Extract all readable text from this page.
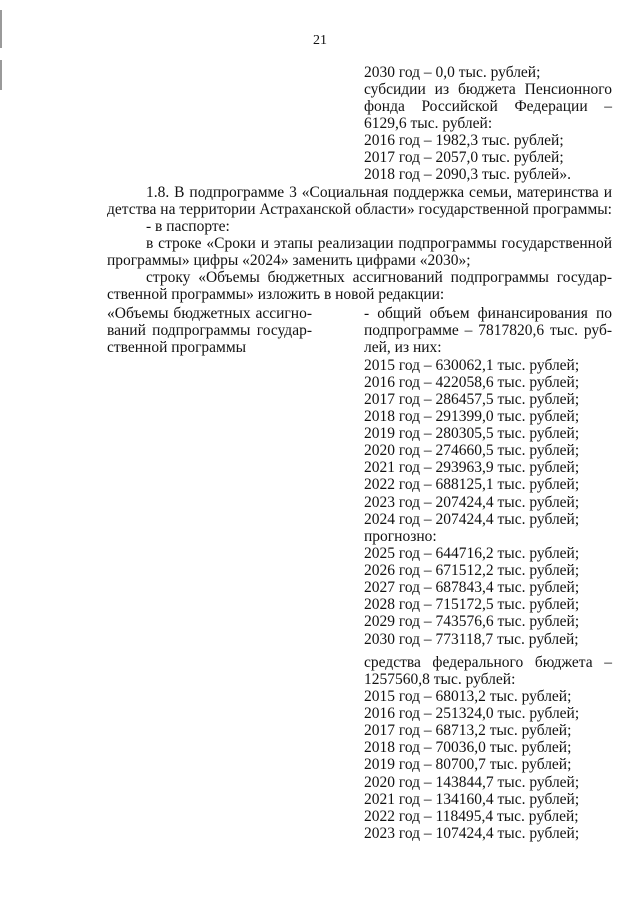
21
2030 год – 0,0 тыс. рублей;
субсидии из бюджета Пенсионного
фонда Российской Федерации –
6129,6 тыс. рублей:
2016 год – 1982,3 тыс. рублей;
2017 год – 2057,0 тыс. рублей;
2018 год – 2090,3 тыс. рублей».
1.8. В подпрограмме 3 «Социальная поддержка семьи, материнства и
детства на территории Астраханской области» государственной программы:
- в паспорте:
в строке «Сроки и этапы реализации подпрограммы государственной
программы» цифры «2024» заменить цифрами «2030»;
строку «Объемы бюджетных ассигнований подпрограммы государ-
ственной программы» изложить в новой редакции:
«Объемы бюджетных ассигно-
ваний подпрограммы государ-
ственной программы
- общий объем финансирования по
подпрограмме – 7817820,6 тыс. руб-
лей, из них:
2015 год – 630062,1 тыс. рублей;
2016 год – 422058,6 тыс. рублей;
2017 год – 286457,5 тыс. рублей;
2018 год – 291399,0 тыс. рублей;
2019 год – 280305,5 тыс. рублей;
2020 год – 274660,5 тыс. рублей;
2021 год – 293963,9 тыс. рублей;
2022 год – 688125,1 тыс. рублей;
2023 год – 207424,4 тыс. рублей;
2024 год – 207424,4 тыс. рублей;
прогнозно:
2025 год – 644716,2 тыс. рублей;
2026 год – 671512,2 тыс. рублей;
2027 год – 687843,4 тыс. рублей;
2028 год – 715172,5 тыс. рублей;
2029 год – 743576,6 тыс. рублей;
2030 год – 773118,7 тыс. рублей;
средства федерального бюджета –
1257560,8 тыс. рублей:
2015 год – 68013,2 тыс. рублей;
2016 год – 251324,0 тыс. рублей;
2017 год – 68713,2 тыс. рублей;
2018 год – 70036,0 тыс. рублей;
2019 год – 80700,7 тыс. рублей;
2020 год – 143844,7 тыс. рублей;
2021 год – 134160,4 тыс. рублей;
2022 год – 118495,4 тыс. рублей;
2023 год – 107424,4 тыс. рублей;
